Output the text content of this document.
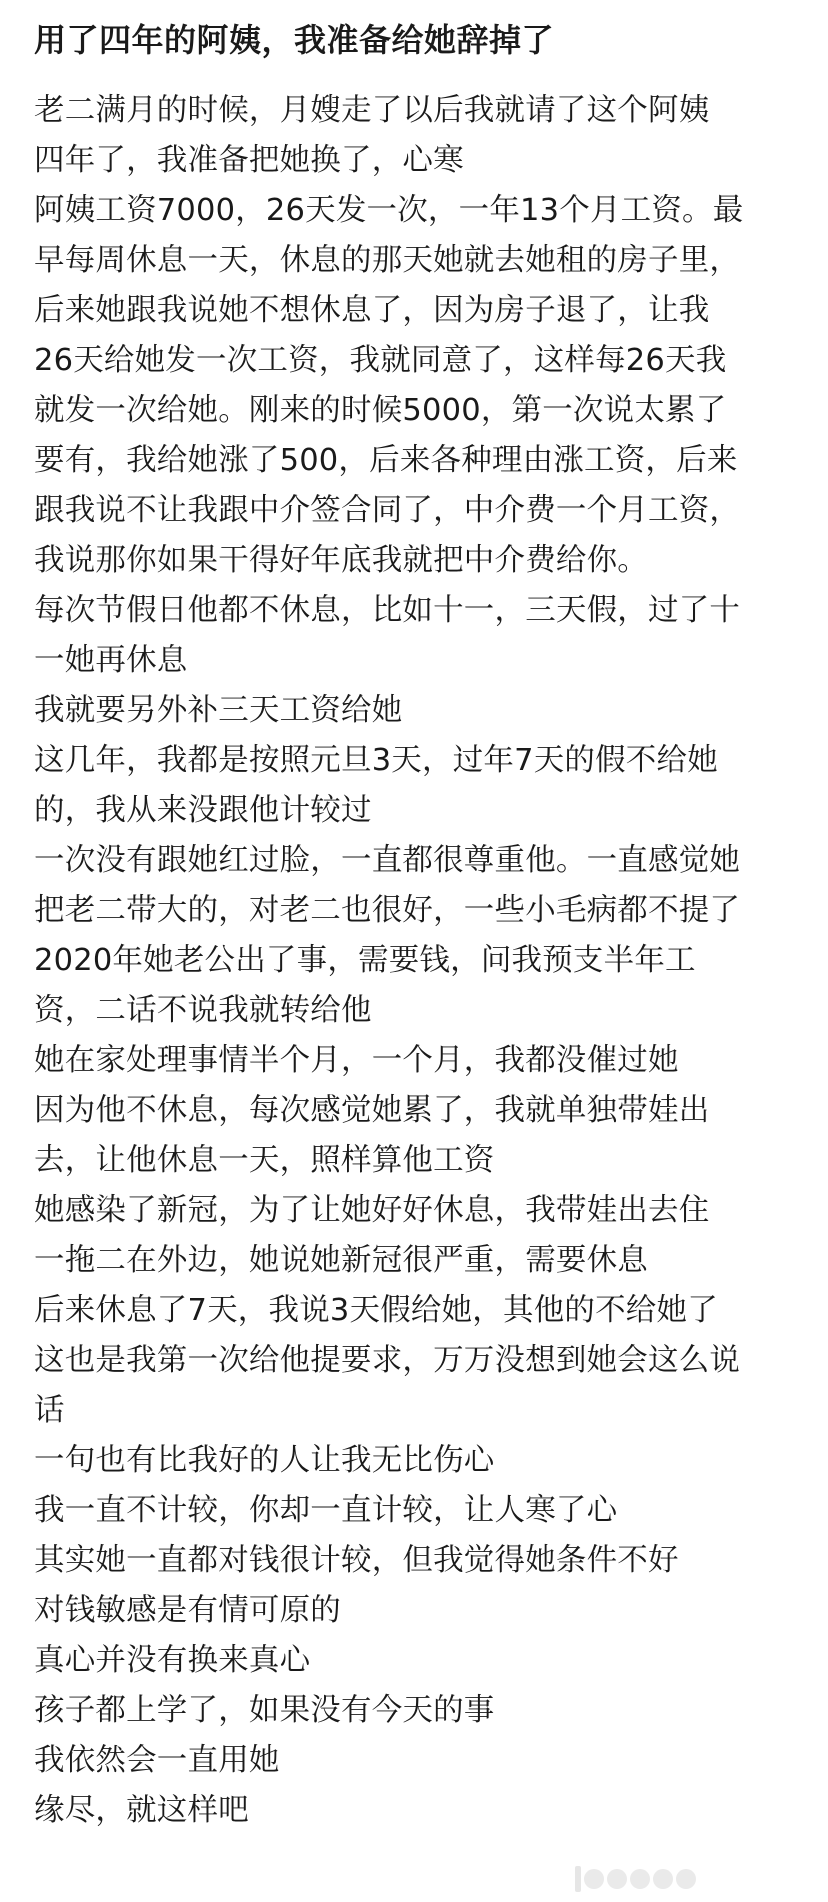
用了四年的阿姨，我准备给她辞掉了
老二满月的时候，月嫂走了以后我就请了这个阿姨
四年了，我准备把她换了，心寒
阿姨工资7000，26天发一次，一年13个月工资。最
早每周休息一天，休息的那天她就去她租的房子里，
后来她跟我说她不想休息了，因为房子退了，让我
26天给她发一次工资，我就同意了，这样每26天我
就发一次给她。刚来的时候5000，第一次说太累了
要有，我给她涨了500，后来各种理由涨工资，后来
跟我说不让我跟中介签合同了，中介费一个月工资，
我说那你如果干得好年底我就把中介费给你。
每次节假日他都不休息，比如十一，三天假，过了十
一她再休息
我就要另外补三天工资给她
这几年，我都是按照元旦3天，过年7天的假不给她
的，我从来没跟他计较过
一次没有跟她红过脸，一直都很尊重他。一直感觉她
把老二带大的，对老二也很好，一些小毛病都不提了
2020年她老公出了事，需要钱，问我预支半年工
资，二话不说我就转给他
她在家处理事情半个月，一个月，我都没催过她
因为他不休息，每次感觉她累了，我就单独带娃出
去，让他休息一天，照样算他工资
她感染了新冠，为了让她好好休息，我带娃出去住
一拖二在外边，她说她新冠很严重，需要休息
后来休息了7天，我说3天假给她，其他的不给她了
这也是我第一次给他提要求，万万没想到她会这么说
话
一句也有比我好的人让我无比伤心
我一直不计较，你却一直计较，让人寒了心
其实她一直都对钱很计较，但我觉得她条件不好
对钱敏感是有情可原的
真心并没有换来真心
孩子都上学了，如果没有今天的事
我依然会一直用她
缘尽，就这样吧
